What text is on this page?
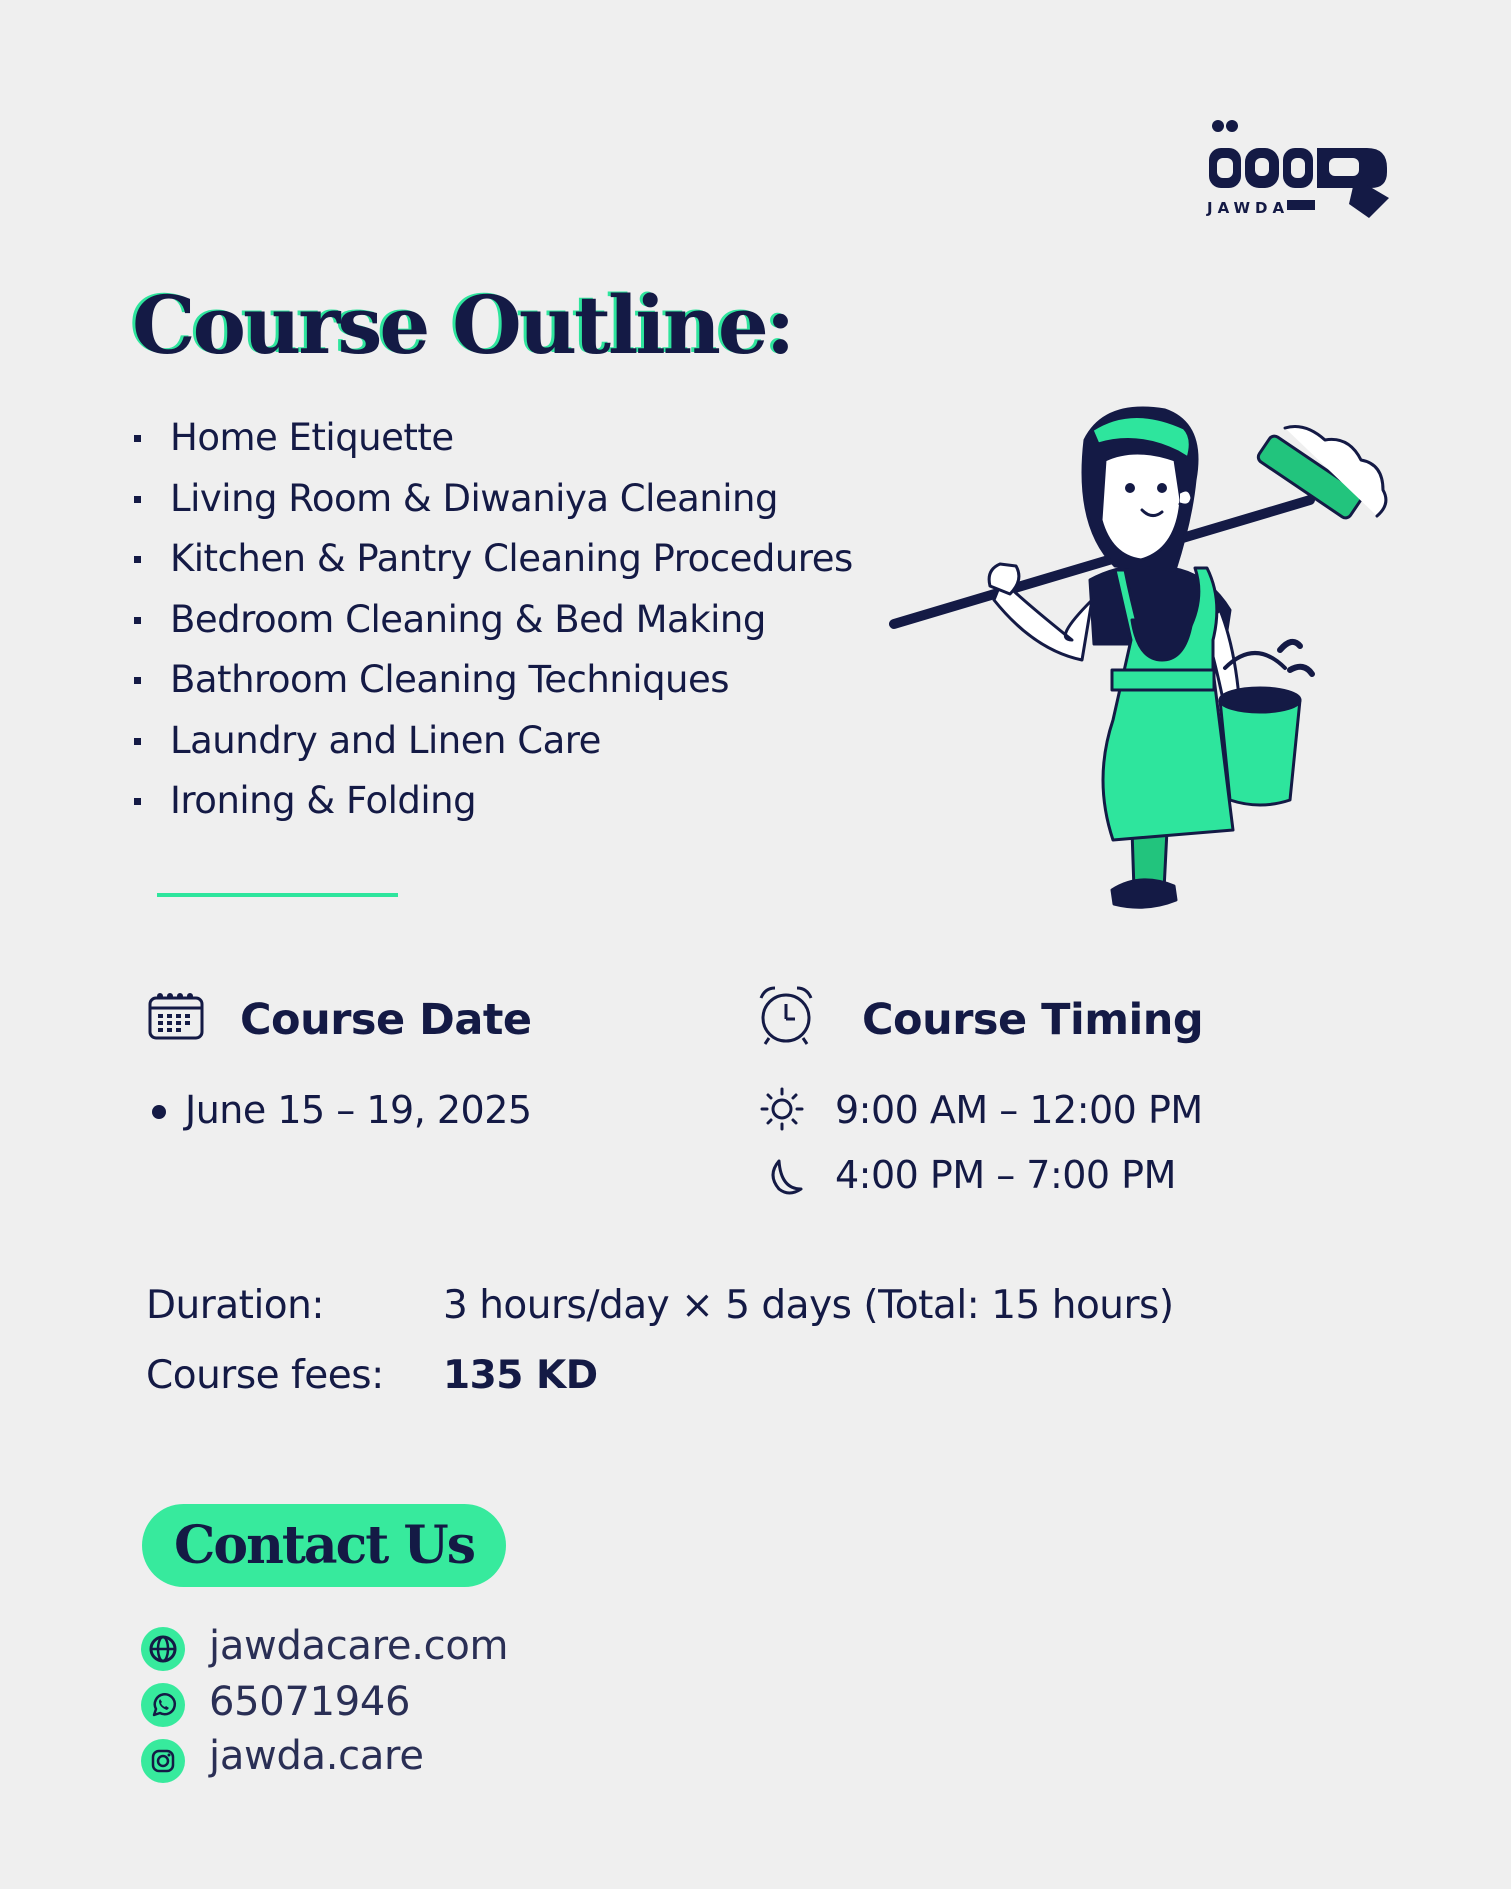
JAWDA
Course Outline:
Home Etiquette
Living Room & Diwaniya Cleaning
Kitchen & Pantry Cleaning Procedures
Bedroom Cleaning & Bed Making
Bathroom Cleaning Techniques
Laundry and Linen Care
Ironing & Folding
Course Date
June 15 – 19, 2025
Course Timing
9:00 AM – 12:00 PM
4:00 PM – 7:00 PM
Duration:	3 hours/day × 5 days (Total: 15 hours)
Course fees: 135 KD
Contact Us
jawdacare.com
65071946
jawda.care
